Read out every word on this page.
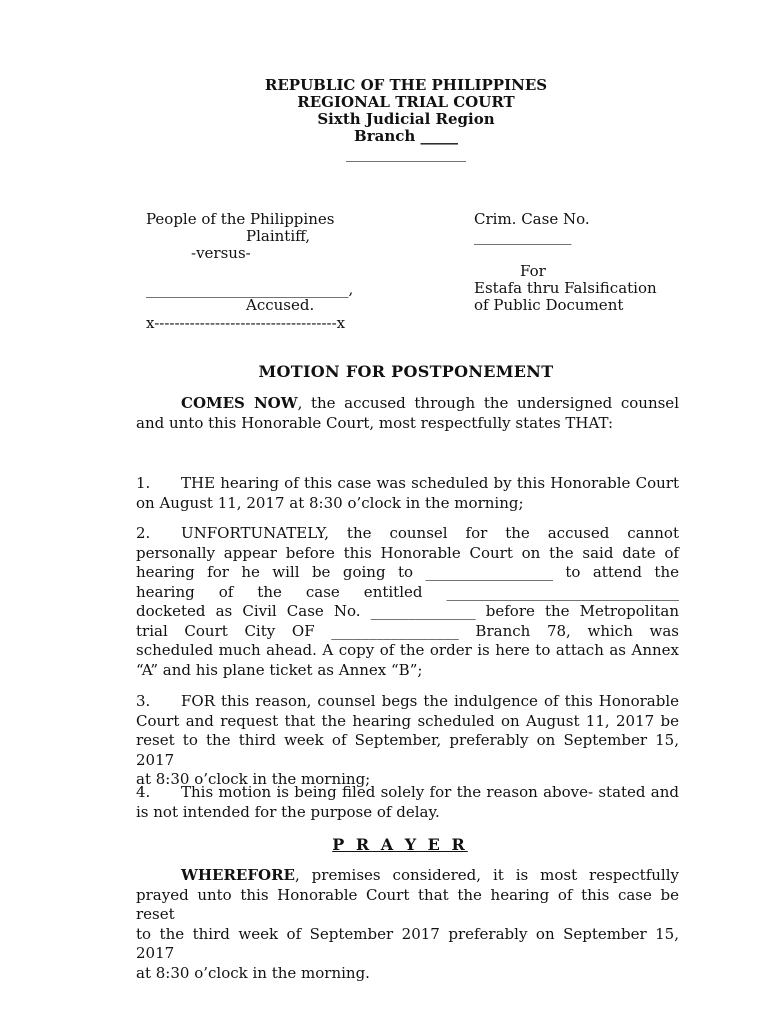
REPUBLIC OF THE PHILIPPINES
REGIONAL TRIAL COURT
Sixth Judicial Region
Branch _____
________________
People of the Philippines
Plaintiff,
-versus-
___________________________,
Accused.
x------------------------------------x
Crim. Case No.
_____________
For
Estafa thru Falsification
of Public Document
MOTION FOR POSTPONEMENT
COMES NOW, the accused through the undersigned counsel
and unto this Honorable Court, most respectfully states THAT:
1. THE hearing of this case was scheduled by this Honorable Court
on August 11, 2017 at 8:30 o’clock in the morning;
2. UNFORTUNATELY, the counsel for the accused cannot
personally appear before this Honorable Court on the said date of
hearing for he will be going to _________________ to attend the
hearing of the case entitled _______________________________
docketed as Civil Case No. ______________ before the Metropolitan
trial Court City OF _________________ Branch 78, which was
scheduled much ahead. A copy of the order is here to attach as Annex
“A” and his plane ticket as Annex “B”;
3. FOR this reason, counsel begs the indulgence of this Honorable
Court and request that the hearing scheduled on August 11, 2017 be
reset to the third week of September, preferably on September 15, 2017
at 8:30 o’clock in the morning;
4. This motion is being filed solely for the reason above- stated and
is not intended for the purpose of delay.
P R A Y E R
WHEREFORE, premises considered, it is most respectfully
prayed unto this Honorable Court that the hearing of this case be reset
to the third week of September 2017 preferably on September 15, 2017
at 8:30 o’clock in the morning.
